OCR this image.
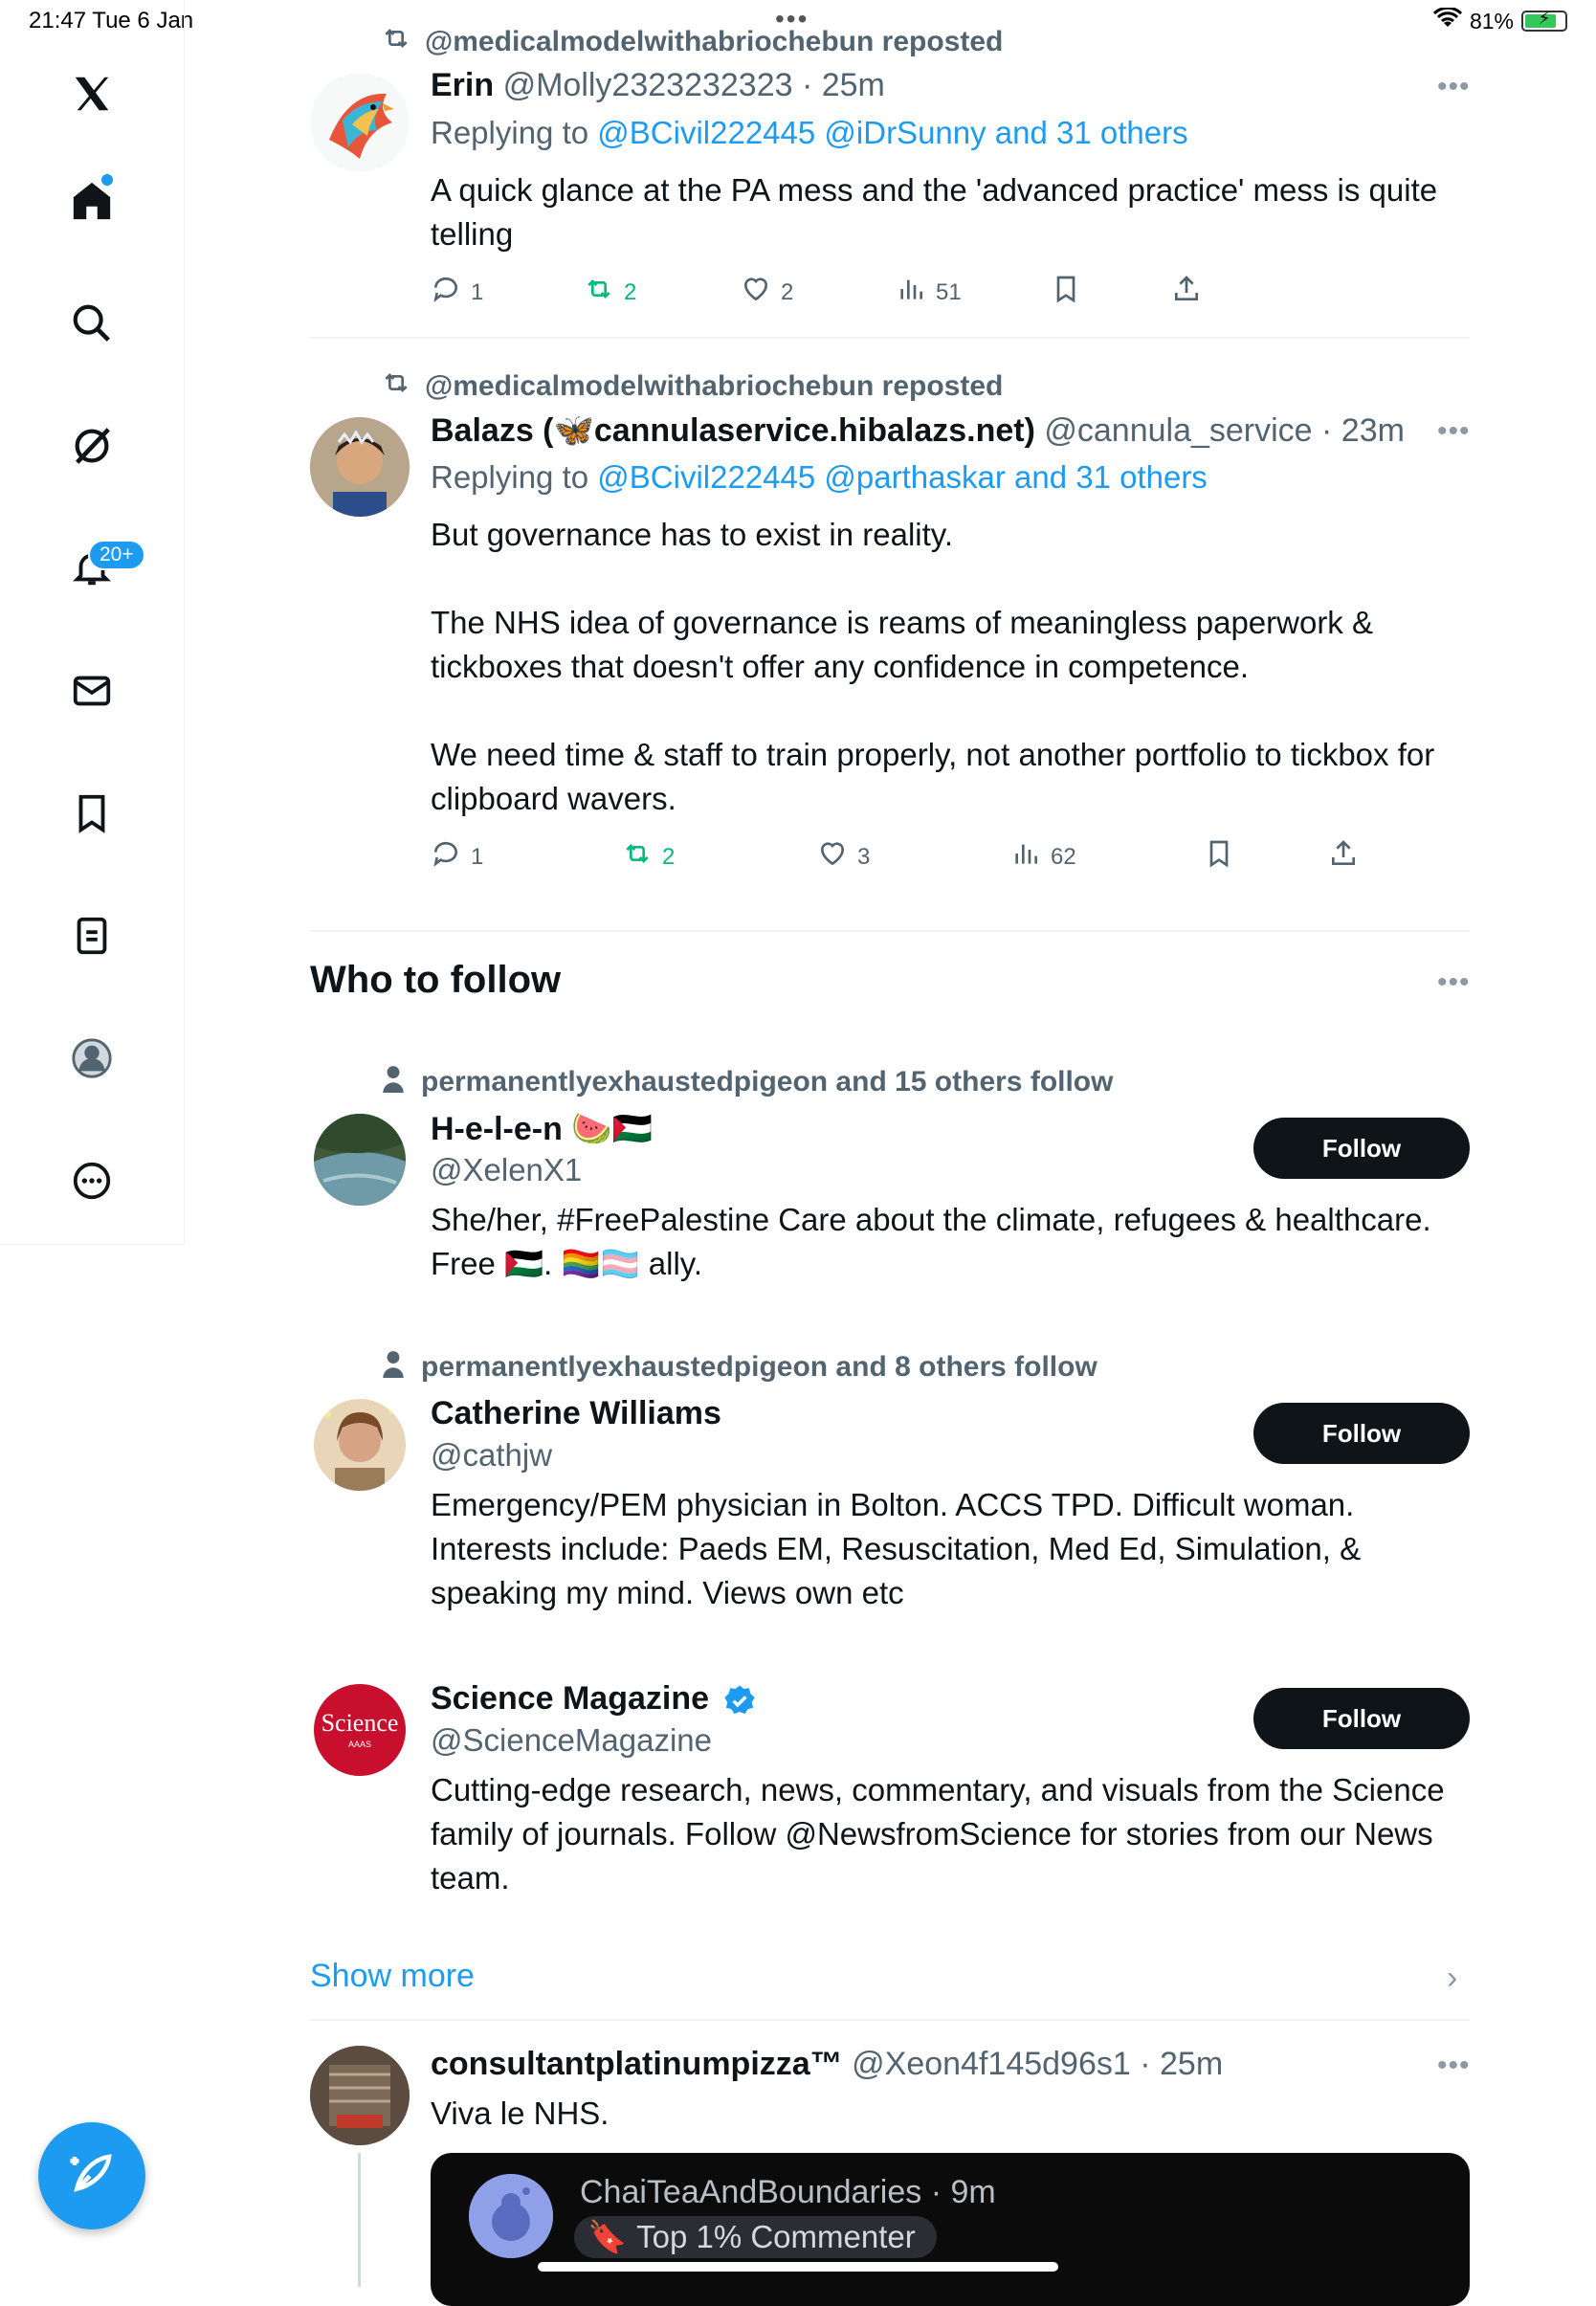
21:47 Tue 6 Jan	•••	81%	⚡
20+
@medicalmodelwithabriochebun reposted
Erin @Molly2323232323 · 25m	•••
Replying to @BCivil222445 @iDrSunny and 31 others
A quick glance at the PA mess and the 'advanced practice' mess is quite telling
1	2	2	51
@medicalmodelwithabriochebun reposted
Balazs (🦋cannulaservice.hibalazs.net) @cannula_service · 23m •••
Replying to @BCivil222445 @parthaskar and 31 others
But governance has to exist in reality.
The NHS idea of governance is reams of meaningless paperwork & tickboxes that doesn't offer any confidence in competence.
We need time & staff to train properly, not another portfolio to tickbox for clipboard wavers.
1	2	3	62
Who to follow	•••
permanentlyexhaustedpigeon and 15 others follow
H-e-l-e-n 🍉🇵🇸
@XelenX1
Follow
She/her, #FreePalestine Care about the climate, refugees & healthcare. Free 🇵🇸. 🏳️‍🌈🏳️‍⚧️ ally.
permanentlyexhaustedpigeon and 8 others follow
Catherine Williams
@cathjw
Follow
Emergency/PEM physician in Bolton. ACCS TPD. Difficult woman. Interests include: Paeds EM, Resuscitation, Med Ed, Simulation, & speaking my mind. Views own etc
Science
AAAS
Science Magazine
@ScienceMagazine
Follow
Cutting-edge research, news, commentary, and visuals from the Science family of journals. Follow @NewsfromScience for stories from our News team.
Show more	›
consultantplatinumpizza™ @Xeon4f145d96s1 · 25m	•••
Viva le NHS.
ChaiTeaAndBoundaries · 9m
🔖 Top 1% Commenter
